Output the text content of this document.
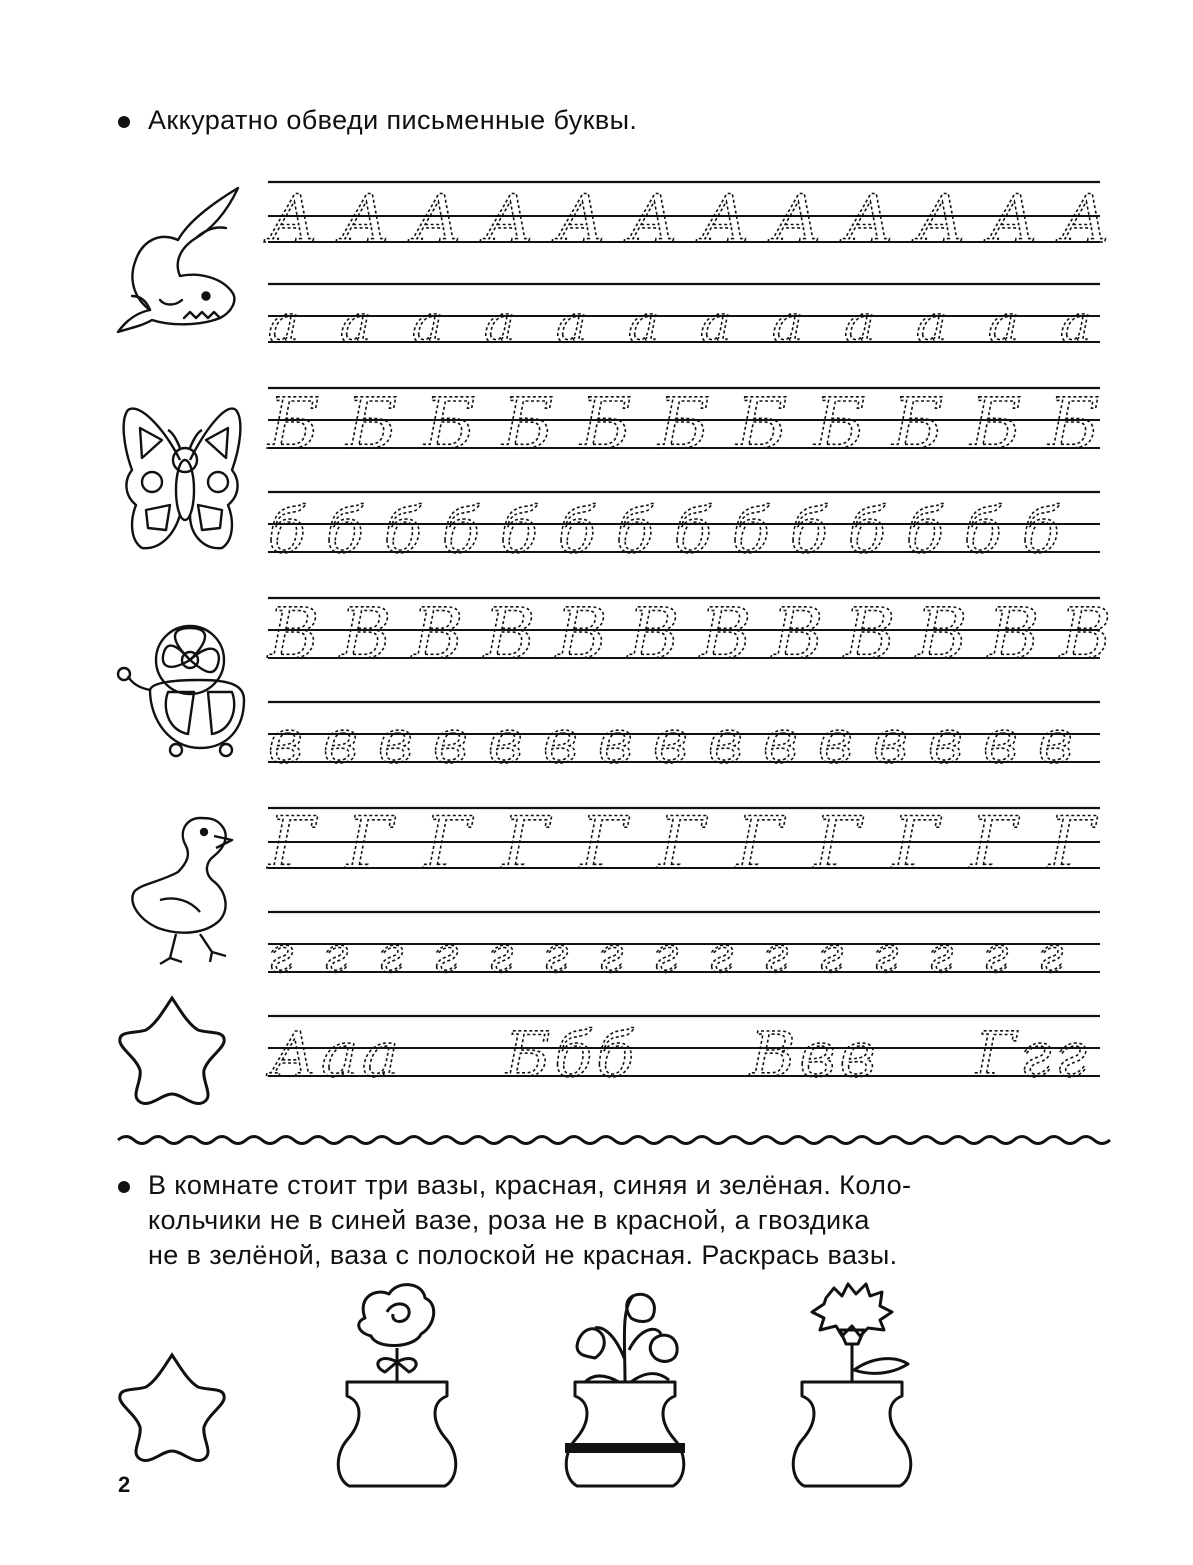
Аккуратно обведи письменные буквы.
А А А А А А А А А А А А
а а а а а а а а а а а а
Б Б Б Б Б Б Б Б Б Б Б
б б б б б б б б б б б б б б
В В В В В В В В В В В В
в в в в в в в в в в в в в в в
Г Г Г Г Г Г Г Г Г Г Г
г г г г г г г г г г г г г г г
Аaa Ббб Ввв Ггг
В комнате стоит три вазы, красная, синяя и зелёная. Коло-
кольчики не в синей вазе, роза не в красной, а гвоздика
не в зелёной, ваза с полоской не красная. Раскрась вазы.
2
